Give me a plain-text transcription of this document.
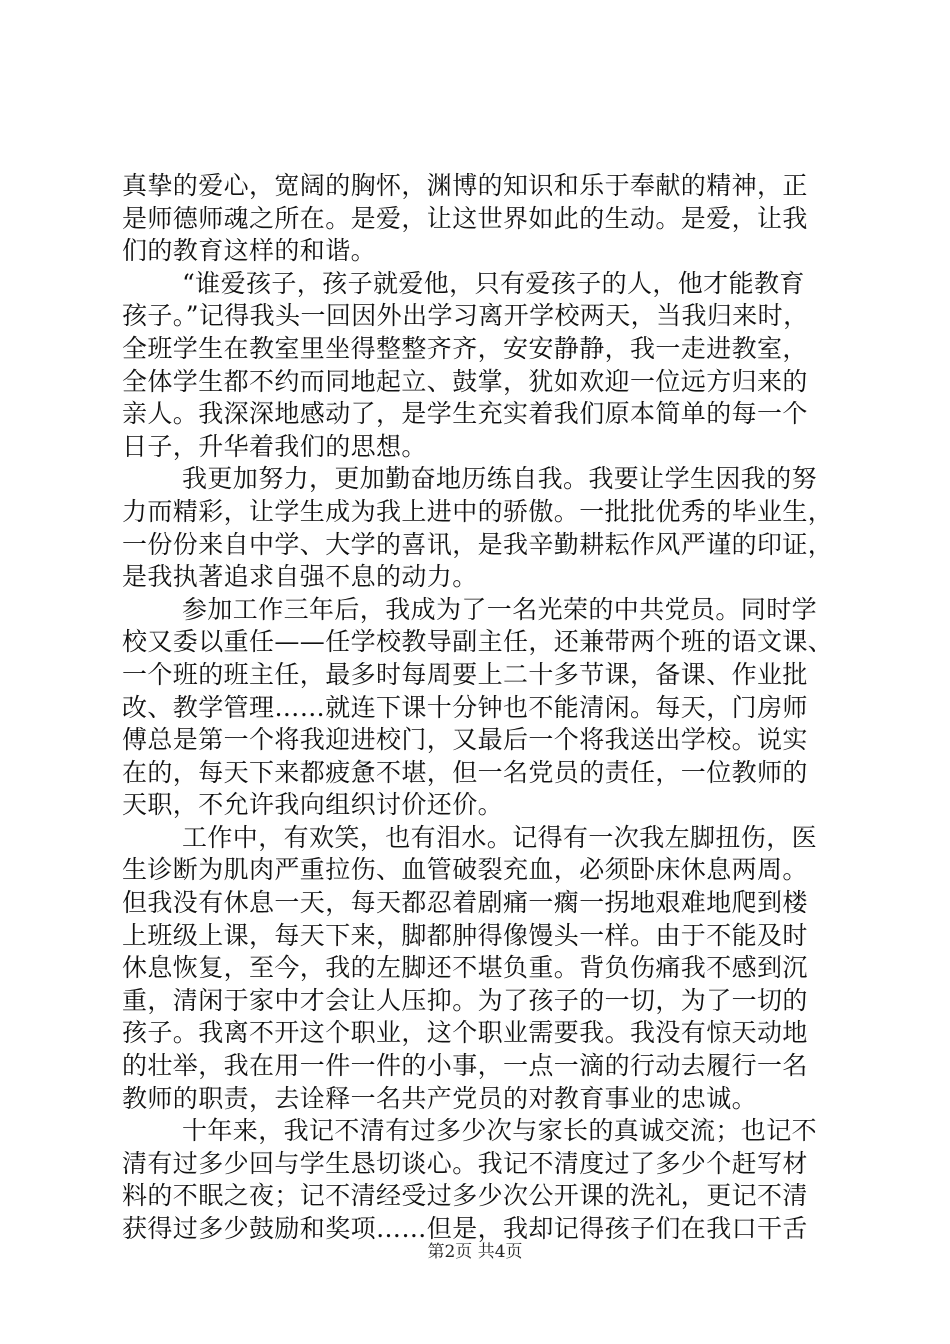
真挚的爱心，宽阔的胸怀，渊博的知识和乐于奉献的精神，正
是师德师魂之所在。是爱，让这世界如此的生动。是爱，让我
们的教育这样的和谐。
“谁爱孩子，孩子就爱他，只有爱孩子的人，他才能教育
孩子。”记得我头一回因外出学习离开学校两天，当我归来时，
全班学生在教室里坐得整整齐齐，安安静静，我一走进教室，
全体学生都不约而同地起立、鼓掌，犹如欢迎一位远方归来的
亲人。我深深地感动了，是学生充实着我们原本简单的每一个
日子，升华着我们的思想。
我更加努力，更加勤奋地历练自我。我要让学生因我的努
力而精彩，让学生成为我上进中的骄傲。一批批优秀的毕业生，
一份份来自中学、大学的喜讯，是我辛勤耕耘作风严谨的印证，
是我执著追求自强不息的动力。
参加工作三年后，我成为了一名光荣的中共党员。同时学
校又委以重任——任学校教导副主任，还兼带两个班的语文课、
一个班的班主任，最多时每周要上二十多节课，备课、作业批
改、教学管理……就连下课十分钟也不能清闲。每天，门房师
傅总是第一个将我迎进校门，又最后一个将我送出学校。说实
在的，每天下来都疲惫不堪，但一名党员的责任，一位教师的
天职，不允许我向组织讨价还价。
工作中，有欢笑，也有泪水。记得有一次我左脚扭伤，医
生诊断为肌肉严重拉伤、血管破裂充血，必须卧床休息两周。
但我没有休息一天，每天都忍着剧痛一瘸一拐地艰难地爬到楼
上班级上课，每天下来，脚都肿得像馒头一样。由于不能及时
休息恢复，至今，我的左脚还不堪负重。背负伤痛我不感到沉
重，清闲于家中才会让人压抑。为了孩子的一切，为了一切的
孩子。我离不开这个职业，这个职业需要我。我没有惊天动地
的壮举，我在用一件一件的小事，一点一滴的行动去履行一名
教师的职责，去诠释一名共产党员的对教育事业的忠诚。
十年来，我记不清有过多少次与家长的真诚交流；也记不
清有过多少回与学生恳切谈心。我记不清度过了多少个赶写材
料的不眠之夜；记不清经受过多少次公开课的洗礼，更记不清
获得过多少鼓励和奖项……但是，我却记得孩子们在我口干舌
第2页 共4页
